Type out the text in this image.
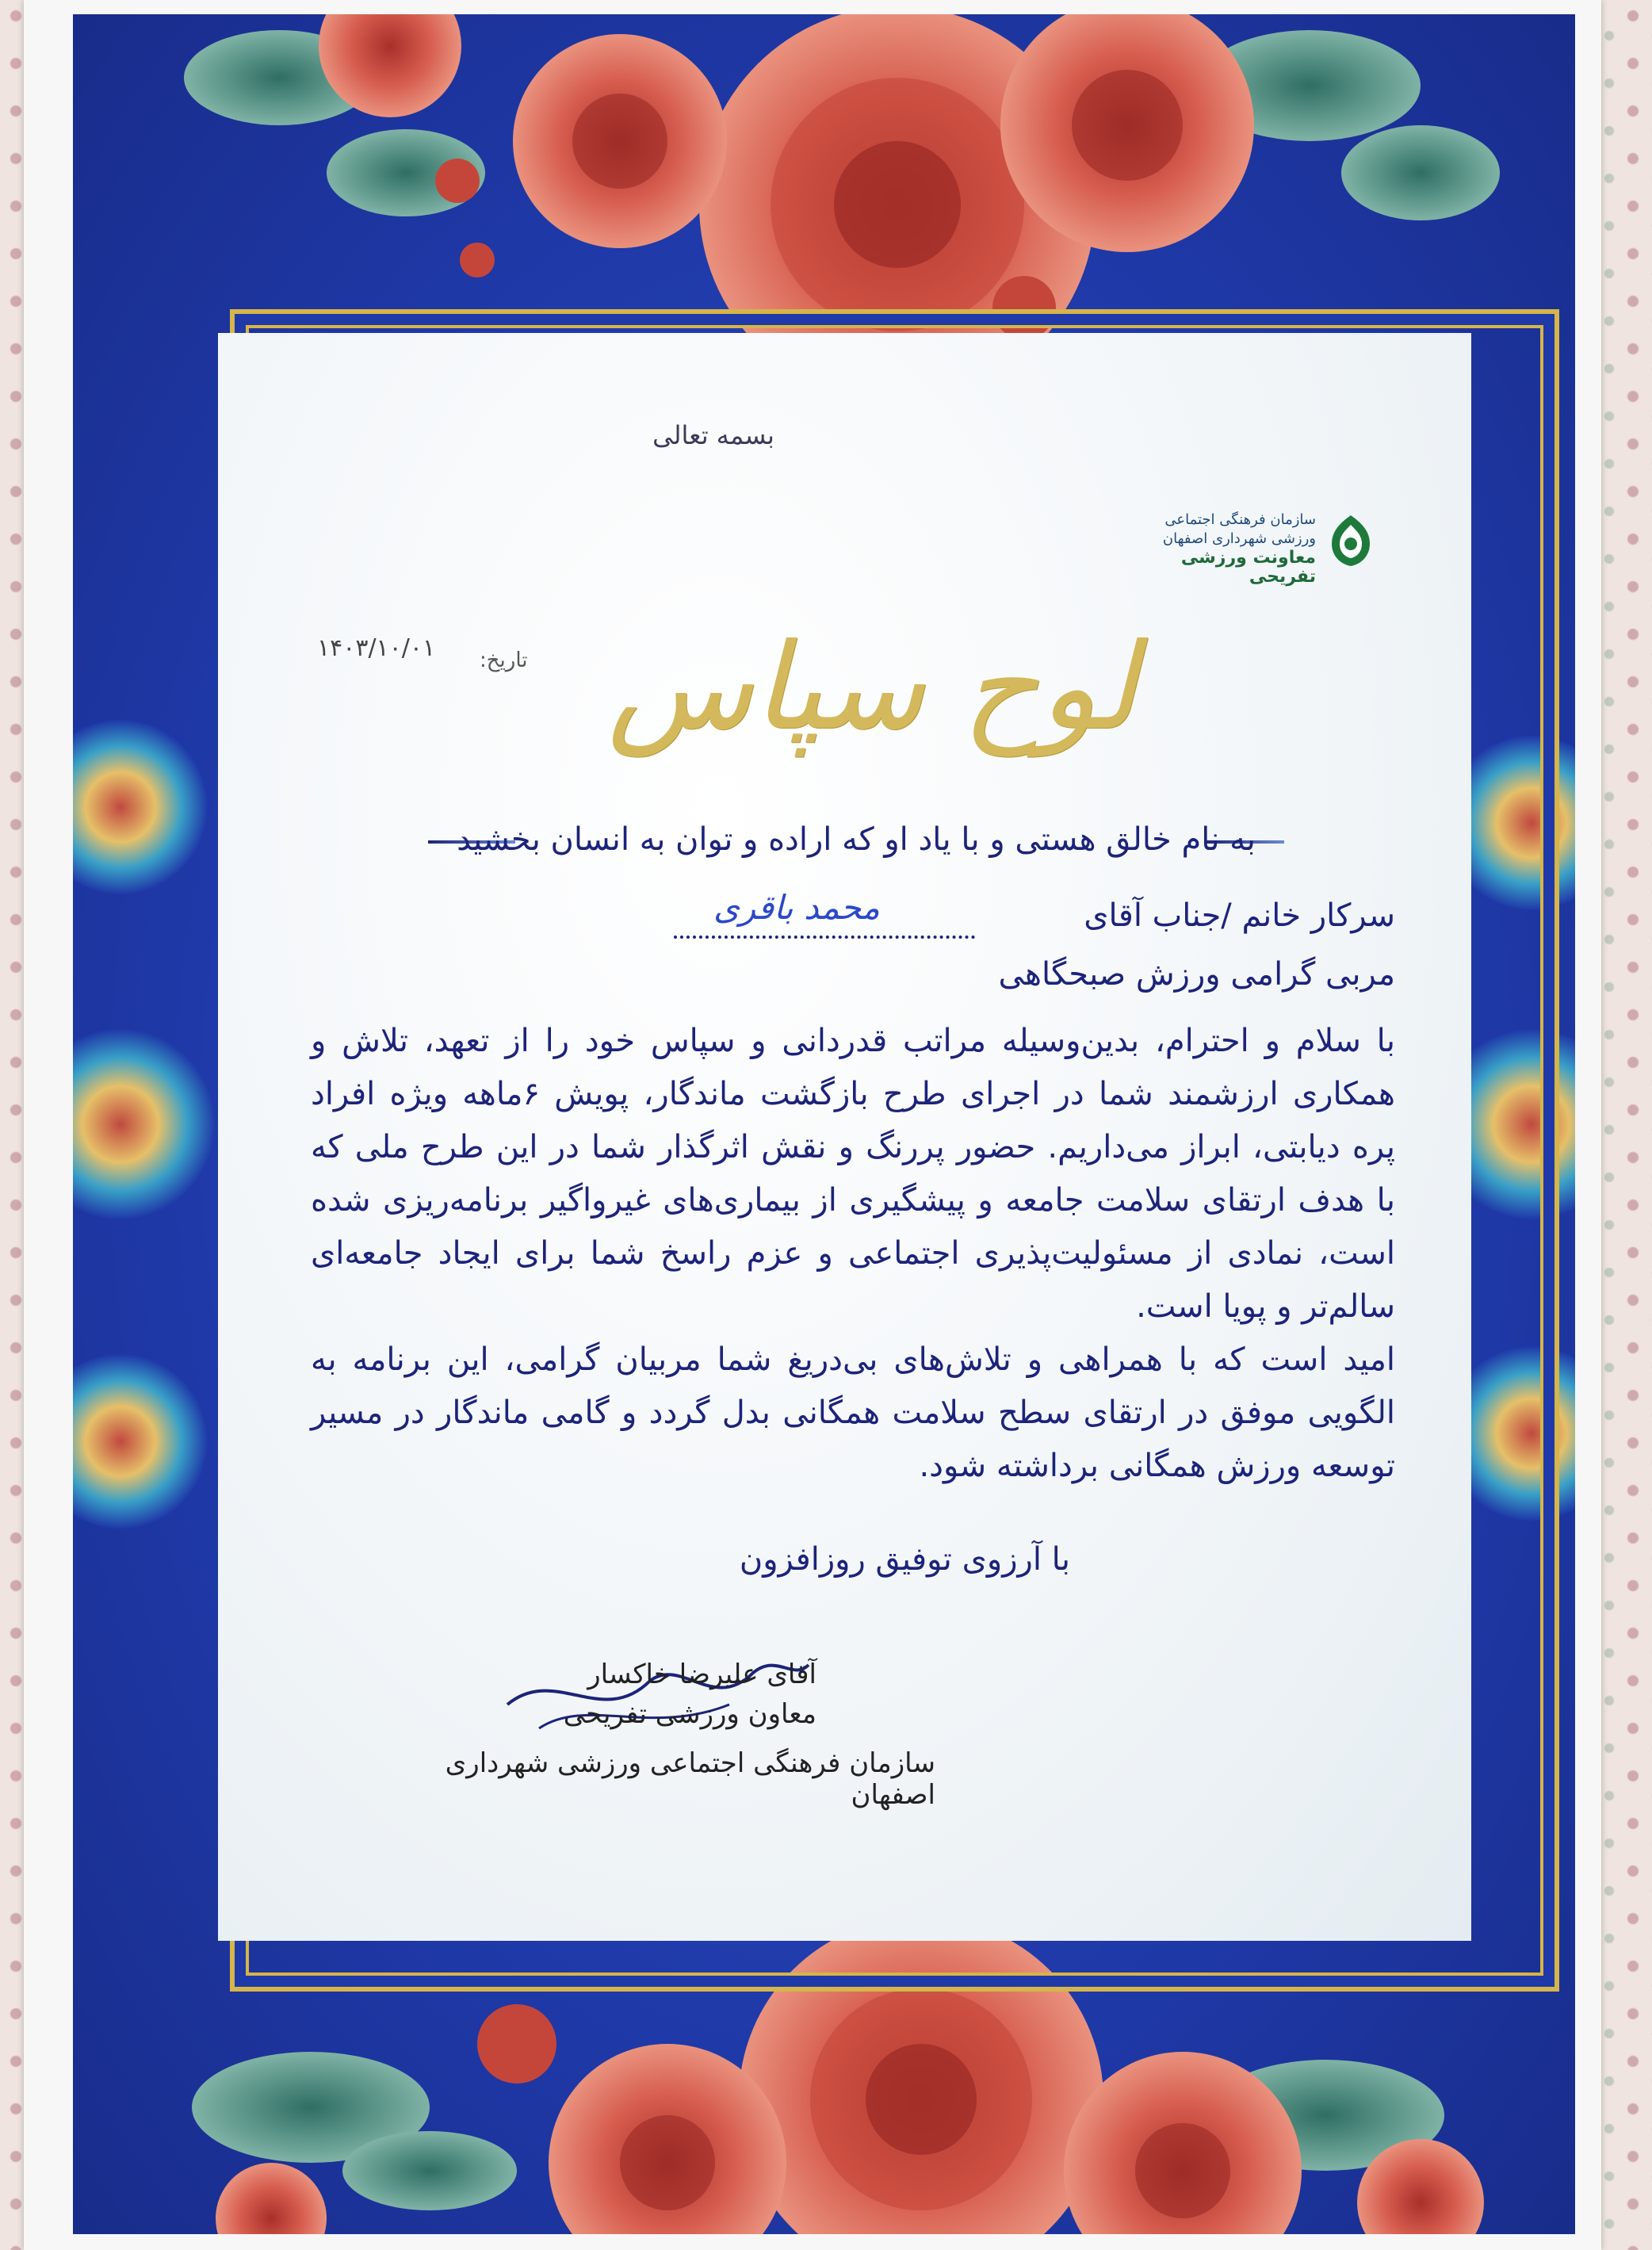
بسمه تعالی
سازمان فرهنگی اجتماعی
ورزشی شهرداری اصفهان
معاونت ورزشی تفریحی
تاریخ:
۱۴۰۳/۱۰/۰۱ لوح سپاس
به نام خالق هستی و با یاد او که اراده و توان به انسان بخشید
سرکار خانم /جناب آقای
محمد باقری
مربی گرامی ورزش صبحگاهی
با سلام و احترام، بدین‌وسیله مراتب قدردانی و سپاس خود را از تعهد، تلاش و همکاری ارزشمند شما در اجرای طرح بازگشت ماندگار، پویش ۶ماهه ویژه افراد پره دیابتی، ابراز می‌داریم. حضور پررنگ و نقش اثرگذار شما در این طرح ملی که با هدف ارتقای سلامت جامعه و پیشگیری از بیماری‌های غیرواگیر برنامه‌ریزی شده است، نمادی از مسئولیت‌پذیری اجتماعی و عزم راسخ شما برای ایجاد جامعه‌ای سالم‌تر و پویا است.
امید است که با همراهی و تلاش‌های بی‌دریغ شما مربیان گرامی، این برنامه به الگویی موفق در ارتقای سطح سلامت همگانی بدل گردد و گامی ماندگار در مسیر توسعه ورزش همگانی برداشته شود.
با آرزوی توفیق روزافزون
آقای علیرضا خاکسار
معاون ورزشی تفریحی
سازمان فرهنگی اجتماعی ورزشی شهرداری اصفهان
